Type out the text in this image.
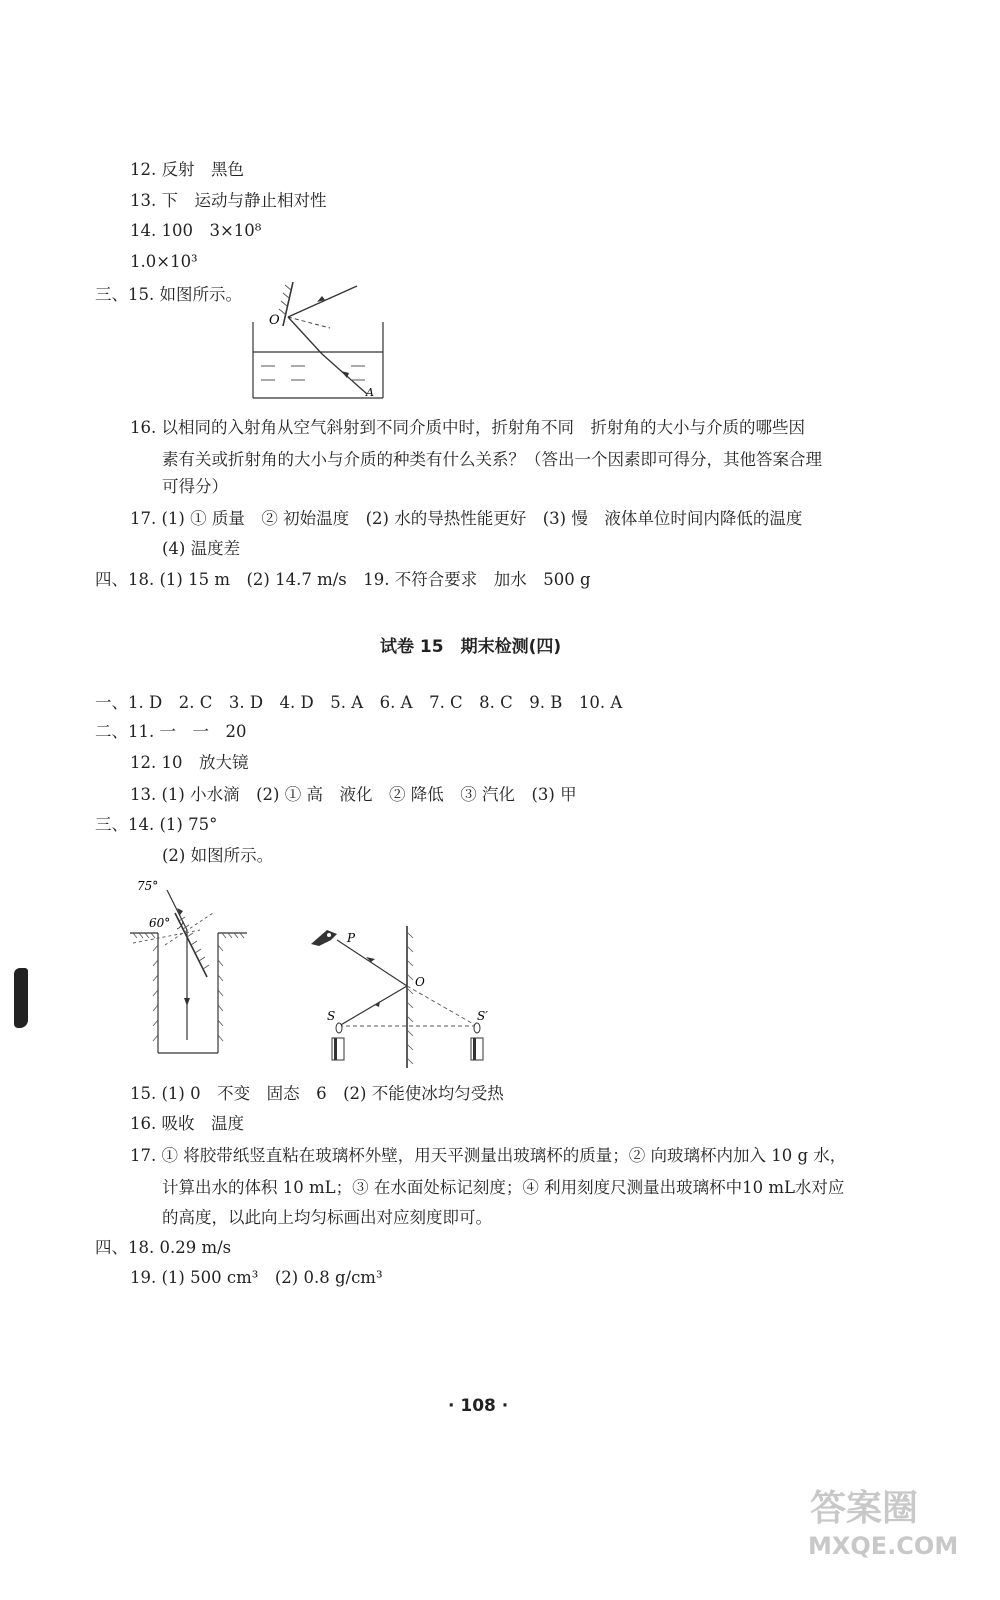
12. 反射　黑色
13. 下　运动与静止相对性
14. 100　3×10⁸
1.0×10³
三、15. 如图所示。
O
A
16. 以相同的入射角从空气斜射到不同介质中时，折射角不同　折射角的大小与介质的哪些因
素有关或折射角的大小与介质的种类有什么关系？（答出一个因素即可得分，其他答案合理
可得分）
17. (1) ① 质量　② 初始温度　(2) 水的导热性能更好　(3) 慢　液体单位时间内降低的温度
(4) 温度差
四、18. (1) 15 m　(2) 14.7 m/s　19. 不符合要求　加水　500 g
试卷 15　期末检测(四)
一、1. D　2. C　3. D　4. D　5. A　6. A　7. C　8. C　9. B　10. A
二、11. 一　一　20
12. 10　放大镜
13. (1) 小水滴　(2) ① 高　液化　② 降低　③ 汽化　(3) 甲
三、14. (1) 75°
(2) 如图所示。
75°
60°
P
O
S	S′
15. (1) 0　不变　固态　6　(2) 不能使冰均匀受热
16. 吸收　温度
17. ① 将胶带纸竖直粘在玻璃杯外壁，用天平测量出玻璃杯的质量；② 向玻璃杯内加入 10 g 水，
计算出水的体积 10 mL；③ 在水面处标记刻度；④ 利用刻度尺测量出玻璃杯中10 mL水对应
的高度，以此向上均匀标画出对应刻度即可。
四、18. 0.29 m/s
19. (1) 500 cm³　(2) 0.8 g/cm³
· 108 ·
答案圈
MXQE.COM
